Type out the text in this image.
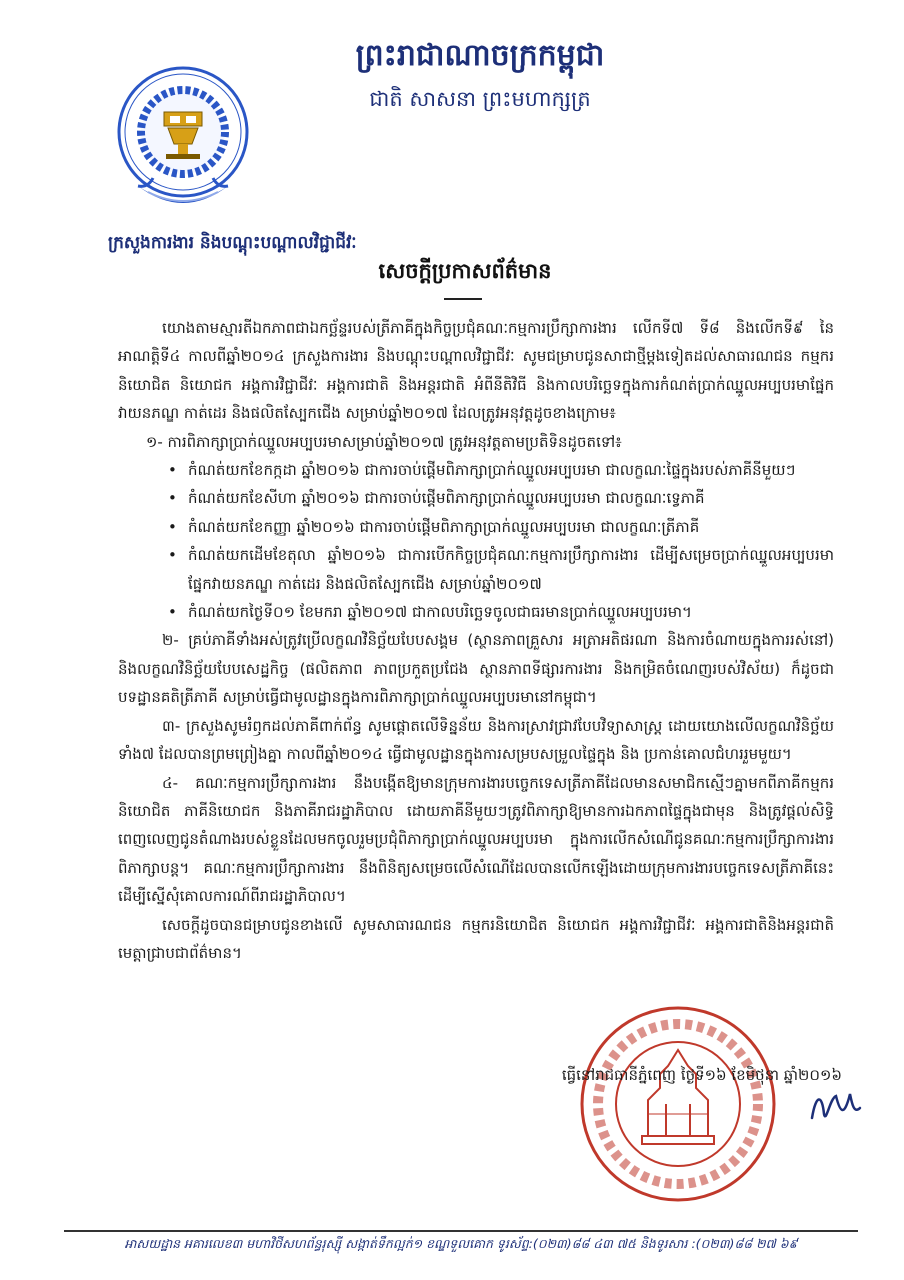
ព្រះរាជាណាចក្រកម្ពុជា
ជាតិ សាសនា ព្រះមហាក្សត្រ
ក្រសួងការងារ និងបណ្តុះបណ្តាលវិជ្ជាជីវៈ
សេចក្តីប្រកាសព័ត៌មាន

យោងតាមស្មារតីឯកភាពជាឯកច្ឆ័ន្ទរបស់ត្រីភាគីក្នុងកិច្ចប្រជុំគណៈកម្មការប្រឹក្សាការងារ លើកទី៧ ទី៨ និងលើកទី៩ នៃអាណត្តិទី៤ កាលពីឆ្នាំ២០១៤ ក្រសួងការងារ និងបណ្តុះបណ្តាលវិជ្ជាជីវៈ សូមជម្រាបជូនសាជាថ្មីម្តងទៀតដល់សាធារណជន កម្មករនិយោជិត និយោជក អង្គការវិជ្ជាជីវៈ អង្គការជាតិ និងអន្តរជាតិ អំពីនីតិវិធី និងកាលបរិច្ឆេទក្នុងការកំណត់ប្រាក់ឈ្នួលអប្បបរមាផ្នែកវាយនភណ្ឌ កាត់ដេរ និងផលិតស្បែកជើង សម្រាប់ឆ្នាំ២០១៧ ដែលត្រូវអនុវត្តដូចខាងក្រោម៖

១- ការពិភាក្សាប្រាក់ឈ្នួលអប្បបរមាសម្រាប់ឆ្នាំ២០១៧ ត្រូវអនុវត្តតាមប្រតិទិនដូចតទៅ៖

• កំណត់យកខែកក្កដា ឆ្នាំ២០១៦ ជាការចាប់ផ្តើមពិភាក្សាប្រាក់ឈ្នួលអប្បបរមា ជាលក្ខណៈផ្ទៃក្នុងរបស់ភាគីនីមួយៗ
• កំណត់យកខែសីហា ឆ្នាំ២០១៦ ជាការចាប់ផ្តើមពិភាក្សាប្រាក់ឈ្នួលអប្បបរមា ជាលក្ខណៈទ្វេភាគី
• កំណត់យកខែកញ្ញា ឆ្នាំ២០១៦ ជាការចាប់ផ្តើមពិភាក្សាប្រាក់ឈ្នួលអប្បបរមា ជាលក្ខណៈត្រីភាគី
• កំណត់យកដើមខែតុលា ឆ្នាំ២០១៦ ជាការបើកកិច្ចប្រជុំគណៈកម្មការប្រឹក្សាការងារ ដើម្បីសម្រេចប្រាក់ឈ្នួលអប្បបរមាផ្នែកវាយនភណ្ឌ កាត់ដេរ និងផលិតស្បែកជើង សម្រាប់ឆ្នាំ២០១៧
• កំណត់យកថ្ងៃទី០១ ខែមករា ឆ្នាំ២០១៧ ជាកាលបរិច្ឆេទចូលជាធរមានប្រាក់ឈ្នួលអប្បបរមា។

២- គ្រប់ភាគីទាំងអស់ត្រូវប្រើលក្ខណវិនិច្ឆ័យបែបសង្គម (ស្ថានភាពគ្រួសារ អត្រាអតិផរណា និងការចំណាយក្នុងការរស់នៅ) និងលក្ខណវិនិច្ឆ័យបែបសេដ្ឋកិច្ច (ផលិតភាព ភាពប្រកួតប្រជែង ស្ថានភាពទីផ្សារការងារ និងកម្រិតចំណេញរបស់វិស័យ) ក៏ដូចជាបទដ្ឋានគតិត្រីភាគី សម្រាប់ធ្វើជាមូលដ្ឋានក្នុងការពិភាក្សាប្រាក់ឈ្នួលអប្បបរមានៅកម្ពុជា។

៣- ក្រសួងសូមរំឭកដល់ភាគីពាក់ព័ន្ធ សូមផ្តោតលើទិន្នន័យ និងការស្រាវជ្រាវបែបវិទ្យាសាស្ត្រ ដោយយោងលើលក្ខណវិនិច្ឆ័យទាំង៧ ដែលបានព្រមព្រៀងគ្នា កាលពីឆ្នាំ២០១៤ ធ្វើជាមូលដ្ឋានក្នុងការសម្របសម្រួលផ្ទៃក្នុង និង ប្រកាន់គោលជំហររួមមួយ។

៤- គណៈកម្មការប្រឹក្សាការងារ នឹងបង្កើតឱ្យមានក្រុមការងារបច្ចេកទេសត្រីភាគីដែលមានសមាជិកស្មើៗគ្នាមកពីភាគីកម្មករនិយោជិត ភាគីនិយោជក និងភាគីរាជរដ្ឋាភិបាល ដោយភាគីនីមួយៗត្រូវពិភាក្សាឱ្យមានការឯកភាពផ្ទៃក្នុងជាមុន និងត្រូវផ្តល់សិទ្ធិពេញលេញជូនតំណាងរបស់ខ្លួនដែលមកចូលរួមប្រជុំពិភាក្សាប្រាក់ឈ្នួលអប្បបរមា ក្នុងការលើកសំណើជូនគណៈកម្មការប្រឹក្សាការងារពិភាក្សាបន្ត។ គណៈកម្មការប្រឹក្សាការងារ នឹងពិនិត្យសម្រេចលើសំណើដែលបានលើកឡើងដោយក្រុមការងារបច្ចេកទេសត្រីភាគីនេះ ដើម្បីស្នើសុំគោលការណ៍ពីរាជរដ្ឋាភិបាល។

សេចក្តីដូចបានជម្រាបជូនខាងលើ សូមសាធារណជន កម្មករនិយោជិត និយោជក អង្គការវិជ្ជាជីវៈ អង្គការជាតិនិងអន្តរជាតិ មេត្តាជ្រាបជាព័ត៌មាន។

ធ្វើនៅរាជធានីភ្នំពេញ ថ្ងៃទី១៦ ខែមិថុនា ឆ្នាំ២០១៦
អាសយដ្ឋាន អគារលេខ៣ មហាវិថីសហព័ន្ធរុស្ស៊ី សង្កាត់ទឹកល្អក់១ ខណ្ឌទួលគោក ទូរស័ព្ទ:(០២៣)៨៨ ៤៣ ៧៥ និងទូរសារ :(០២៣)៨៨ ២៧ ៦៩
